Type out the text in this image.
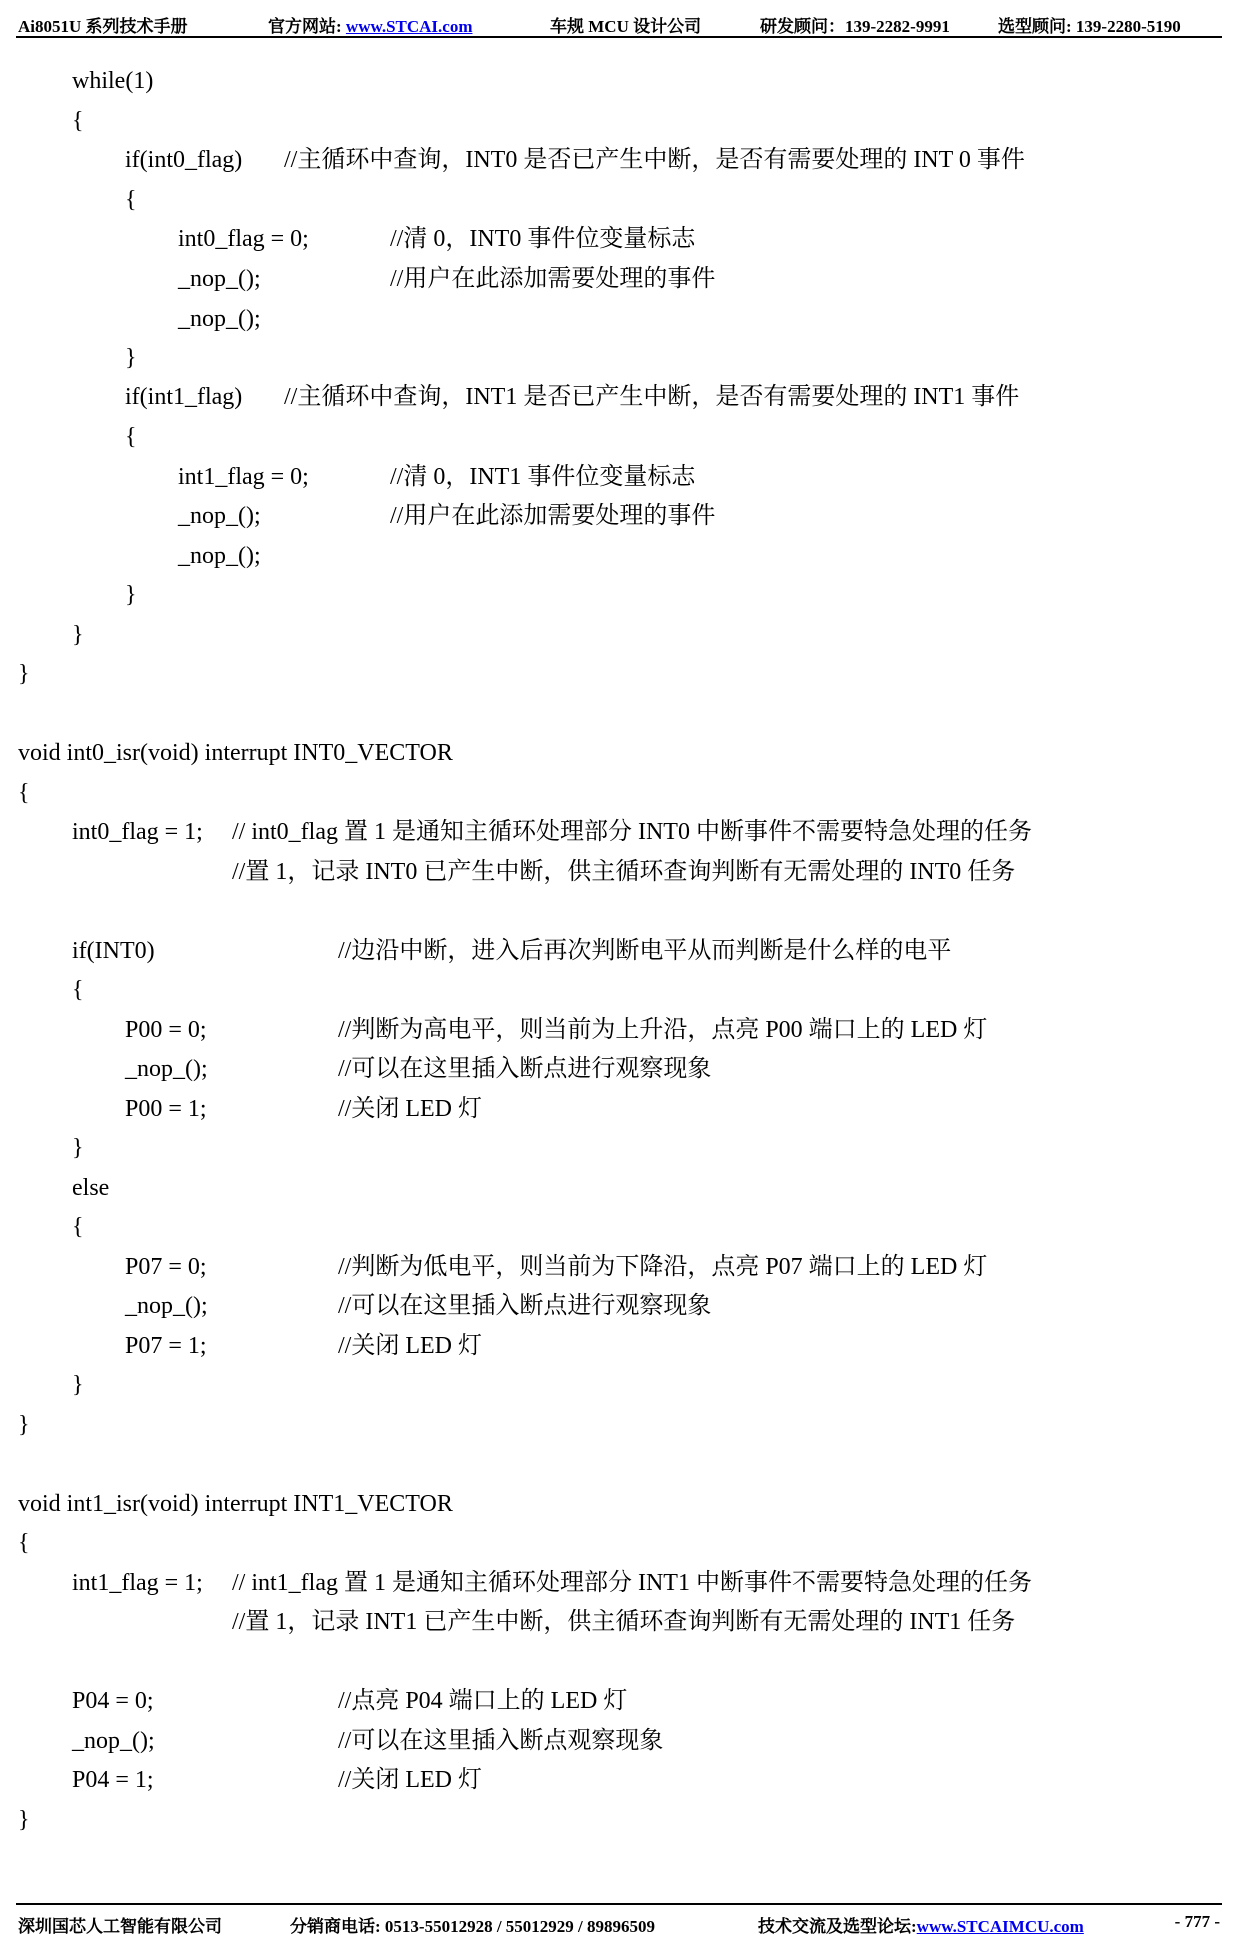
Ai8051U 系列技术手册	官方网站: www.STCAI.com	车规 MCU 设计公司	研发顾问：139-2282-9991	选型顾问: 139-2280-5190
while(1)
{
if(int0_flag) //主循环中查询，INT0 是否已产生中断，是否有需要处理的 INT 0 事件
{
int0_flag = 0;	//清 0，INT0 事件位变量标志
_nop_();	//用户在此添加需要处理的事件
_nop_();
}
if(int1_flag) //主循环中查询，INT1 是否已产生中断，是否有需要处理的 INT1 事件
{
int1_flag = 0;	//清 0，INT1 事件位变量标志
_nop_();	//用户在此添加需要处理的事件
_nop_();
}
}
}
void int0_isr(void) interrupt INT0_VECTOR
{
int0_flag = 1; // int0_flag 置 1 是通知主循环处理部分 INT0 中断事件不需要特急处理的任务
//置 1，记录 INT0 已产生中断，供主循环查询判断有无需处理的 INT0 任务
if(INT0)	//边沿中断，进入后再次判断电平从而判断是什么样的电平
{
P00 = 0;	//判断为高电平，则当前为上升沿，点亮 P00 端口上的 LED 灯
_nop_();	//可以在这里插入断点进行观察现象
P00 = 1;	//关闭 LED 灯
}
else
{
P07 = 0;	//判断为低电平，则当前为下降沿，点亮 P07 端口上的 LED 灯
_nop_();	//可以在这里插入断点进行观察现象
P07 = 1;	//关闭 LED 灯
}
}
void int1_isr(void) interrupt INT1_VECTOR
{
int1_flag = 1; // int1_flag 置 1 是通知主循环处理部分 INT1 中断事件不需要特急处理的任务
//置 1，记录 INT1 已产生中断，供主循环查询判断有无需处理的 INT1 任务
P04 = 0;	//点亮 P04 端口上的 LED 灯
_nop_();	//可以在这里插入断点观察现象
P04 = 1;	//关闭 LED 灯
}
深圳国芯人工智能有限公司	分销商电话: 0513-55012928 / 55012929 / 89896509	技术交流及选型论坛:www.STCAIMCU.com	- 777 -
